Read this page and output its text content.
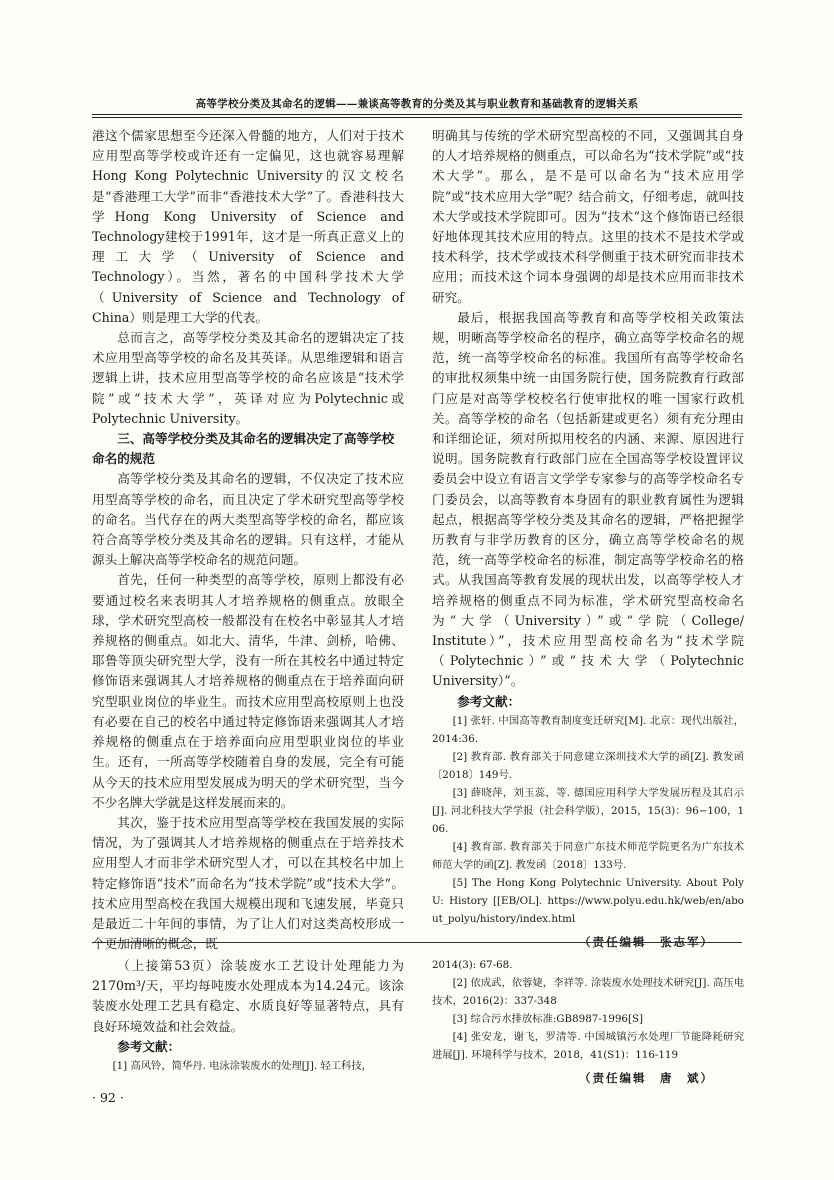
高等学校分类及其命名的逻辑——兼谈高等教育的分类及其与职业教育和基础教育的逻辑关系

港这个儒家思想至今还深入骨髓的地方，人们对于技术应用型高等学校或许还有一定偏见，这也就容易理解Hong Kong Polytechnic University的汉文校名是“香港理工大学”而非“香港技术大学”了。香港科技大学Hong Kong University of Science and Technology建校于1991年，这才是一所真正意义上的理工大学（University of Science and Technology）。当然，著名的中国科学技术大学（University of Science and Technology of China）则是理工大学的代表。

总而言之，高等学校分类及其命名的逻辑决定了技术应用型高等学校的命名及其英译。从思维逻辑和语言逻辑上讲，技术应用型高等学校的命名应该是“技术学院”或“技术大学”，英译对应为Polytechnic或Polytechnic University。

三、高等学校分类及其命名的逻辑决定了高等学校命名的规范

高等学校分类及其命名的逻辑，不仅决定了技术应用型高等学校的命名，而且决定了学术研究型高等学校的命名。当代存在的两大类型高等学校的命名，都应该符合高等学校分类及其命名的逻辑。只有这样，才能从源头上解决高等学校命名的规范问题。

首先，任何一种类型的高等学校，原则上都没有必要通过校名来表明其人才培养规格的侧重点。放眼全球，学术研究型高校一般都没有在校名中彰显其人才培养规格的侧重点。如北大、清华，牛津、剑桥，哈佛、耶鲁等顶尖研究型大学，没有一所在其校名中通过特定修饰语来强调其人才培养规格的侧重点在于培养面向研究型职业岗位的毕业生。而技术应用型高校原则上也没有必要在自己的校名中通过特定修饰语来强调其人才培养规格的侧重点在于培养面向应用型职业岗位的毕业生。还有，一所高等学校随着自身的发展，完全有可能从今天的技术应用型发展成为明天的学术研究型，当今不少名牌大学就是这样发展而来的。

其次，鉴于技术应用型高等学校在我国发展的实际情况，为了强调其人才培养规格的侧重点在于培养技术应用型人才而非学术研究型人才，可以在其校名中加上特定修饰语“技术”而命名为“技术学院”或“技术大学”。技术应用型高校在我国大规模出现和飞速发展，毕竟只是最近二十年间的事情，为了让人们对这类高校形成一个更加清晰的概念，既

明确其与传统的学术研究型高校的不同，又强调其自身的人才培养规格的侧重点，可以命名为“技术学院”或“技术大学”。那么，是不是可以命名为“技术应用学院”或“技术应用大学”呢？结合前文，仔细考虑，就叫技术大学或技术学院即可。因为“技术”这个修饰语已经很好地体现其技术应用的特点。这里的技术不是技术学或技术科学，技术学或技术科学侧重于技术研究而非技术应用；而技术这个词本身强调的却是技术应用而非技术研究。

最后，根据我国高等教育和高等学校相关政策法规，明晰高等学校命名的程序，确立高等学校命名的规范，统一高等学校命名的标准。我国所有高等学校命名的审批权须集中统一由国务院行使，国务院教育行政部门应是对高等学校校名行使审批权的唯一国家行政机关。高等学校的命名（包括新建或更名）须有充分理由和详细论证，须对所拟用校名的内涵、来源、原因进行说明。国务院教育行政部门应在全国高等学校设置评议委员会中设立有语言文学学专家参与的高等学校命名专门委员会，以高等教育本身固有的职业教育属性为逻辑起点，根据高等学校分类及其命名的逻辑，严格把握学历教育与非学历教育的区分，确立高等学校命名的规范，统一高等学校命名的标准，制定高等学校命名的格式。从我国高等教育发展的现状出发，以高等学校人才培养规格的侧重点不同为标准，学术研究型高校命名为“大学（University）”或“学院（College/ Institute）”，技术应用型高校命名为“技术学院（Polytechnic）”或“技术大学（Polytechnic University）”。

参考文献：
[1] 张轩. 中国高等教育制度变迁研究[M]. 北京：现代出版社，2014:36.
[2] 教育部. 教育部关于同意建立深圳技术大学的函[Z]. 教发函〔2018〕149号.
[3] 薛晓萍，刘玉蕊，等. 德国应用科学大学发展历程及其启示[J]. 河北科技大学学报（社会科学版），2015，15(3)：96−100，106.
[4] 教育部. 教育部关于同意广东技术师范学院更名为广东技术师范大学的函[Z]. 教发函〔2018〕133号.
[5] The Hong Kong Polytechnic University. About PolyU: History [[EB/OL]. https://www.polyu.edu.hk/web/en/about_polyu/history/index.html
（责任编辑　张志军）

（上接第53页）涂装废水工艺设计处理能力为2170m³/天，平均每吨废水处理成本为14.24元。该涂装废水处理工艺具有稳定、水质良好等显著特点，具有良好环境效益和社会效益。

参考文献：
[1] 高风铃，简华丹. 电泳涂装废水的处理[J]. 轻工科技，
2014(3): 67-68.
[2] 依成武，依蓉婕，李祥等. 涂装废水处理技术研究[J]. 高压电技术，2016(2)：337-348
[3] 综合污水排放标准:GB8987-1996[S]
[4] 张安龙，谢飞，罗清等. 中国城镇污水处理厂节能降耗研究进展[J]. 环境科学与技术，2018，41(S1)：116-119
（责任编辑　唐　斌）
· 92 ·
